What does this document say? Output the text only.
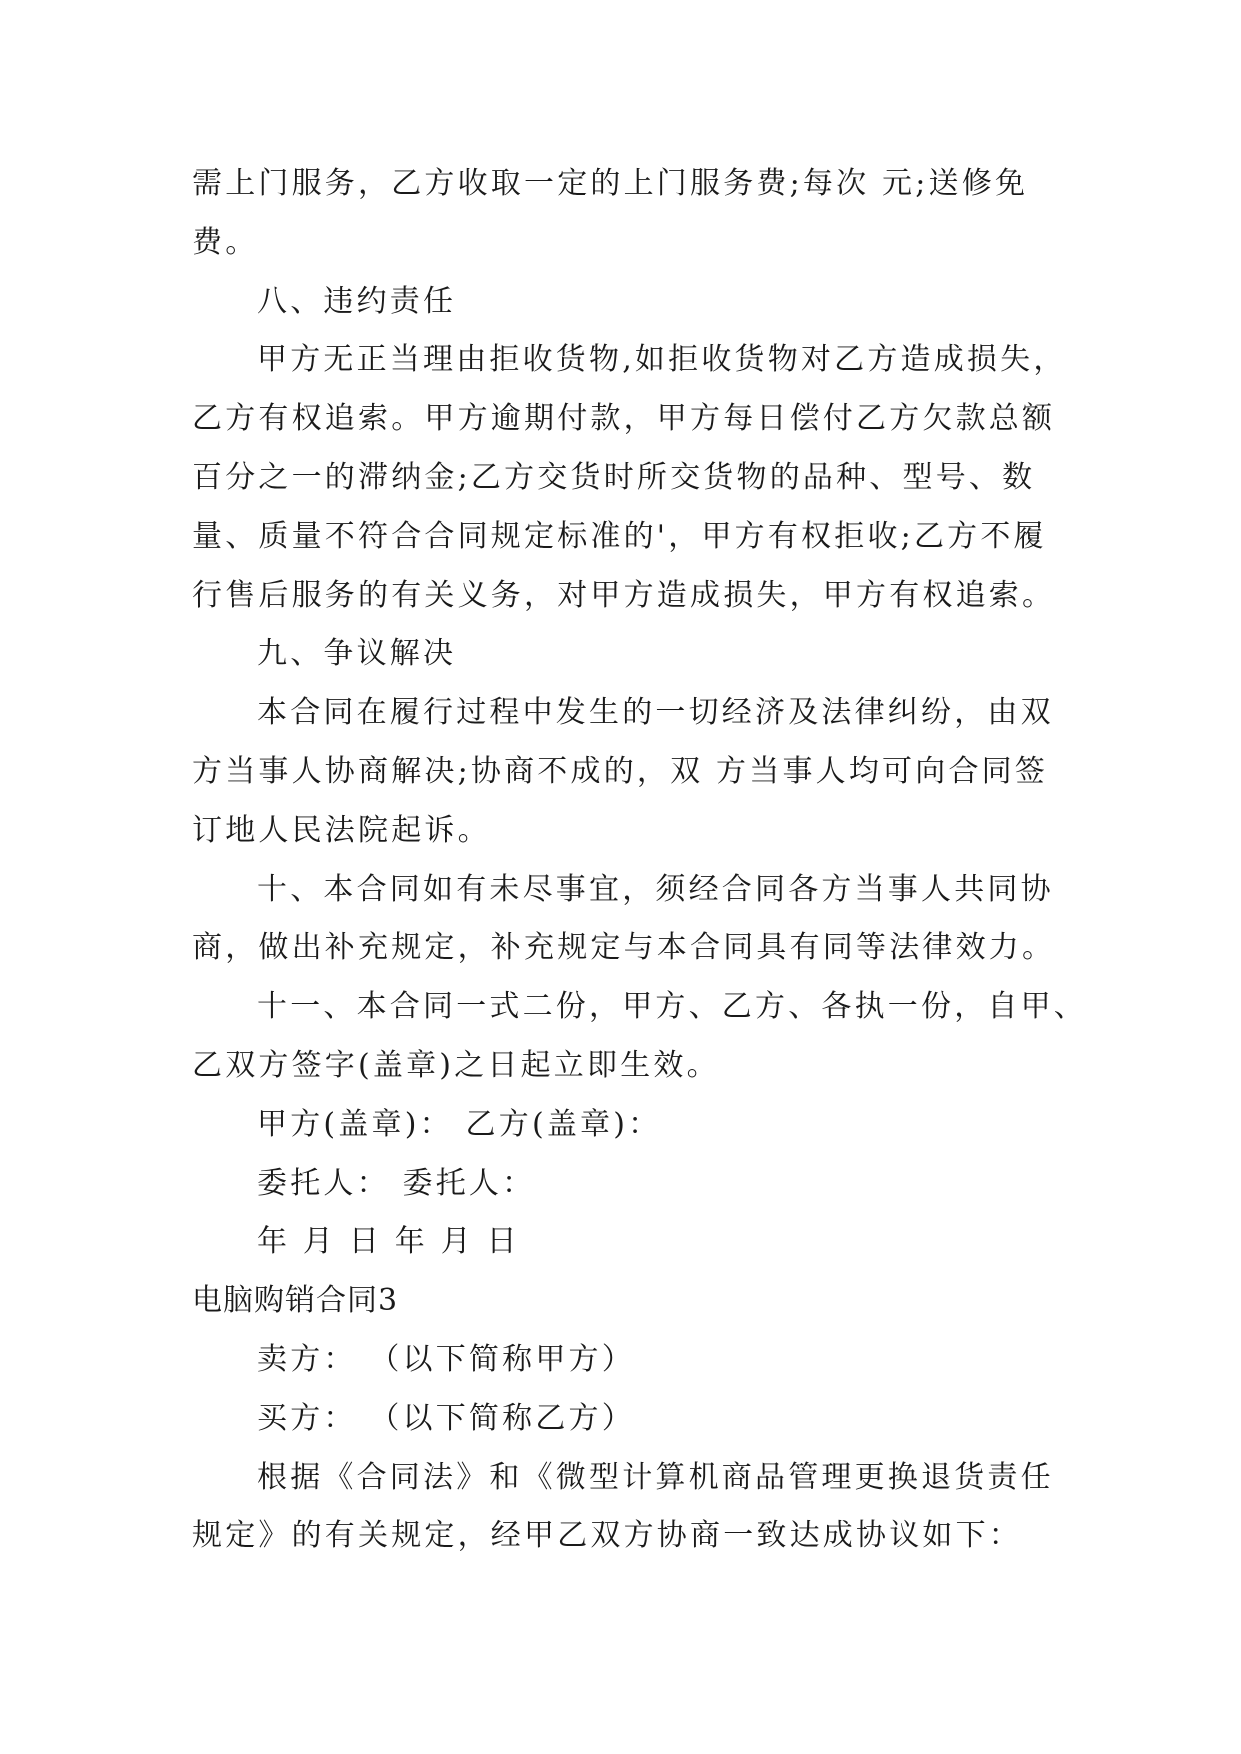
需上门服务，乙方收取一定的上门服务费;每次 元;送修免

费。

八、违约责任

甲方无正当理由拒收货物,如拒收货物对乙方造成损失，

乙方有权追索。甲方逾期付款，甲方每日偿付乙方欠款总额

百分之一的滞纳金;乙方交货时所交货物的品种、型号、数

量、质量不符合合同规定标准的'，甲方有权拒收;乙方不履

行售后服务的有关义务，对甲方造成损失，甲方有权追索。

九、争议解决

本合同在履行过程中发生的一切经济及法律纠纷，由双

方当事人协商解决;协商不成的，双 方当事人均可向合同签

订地人民法院起诉。

十、本合同如有未尽事宜，须经合同各方当事人共同协

商，做出补充规定，补充规定与本合同具有同等法律效力。

十一、本合同一式二份，甲方、乙方、各执一份，自甲、

乙双方签字(盖章)之日起立即生效。

甲方(盖章)： 乙方(盖章)：

委托人： 委托人：

年 月 日 年 月 日

电脑购销合同3

卖方： （以下简称甲方）

买方： （以下简称乙方）

根据《合同法》和《微型计算机商品管理更换退货责任

规定》的有关规定，经甲乙双方协商一致达成协议如下：
